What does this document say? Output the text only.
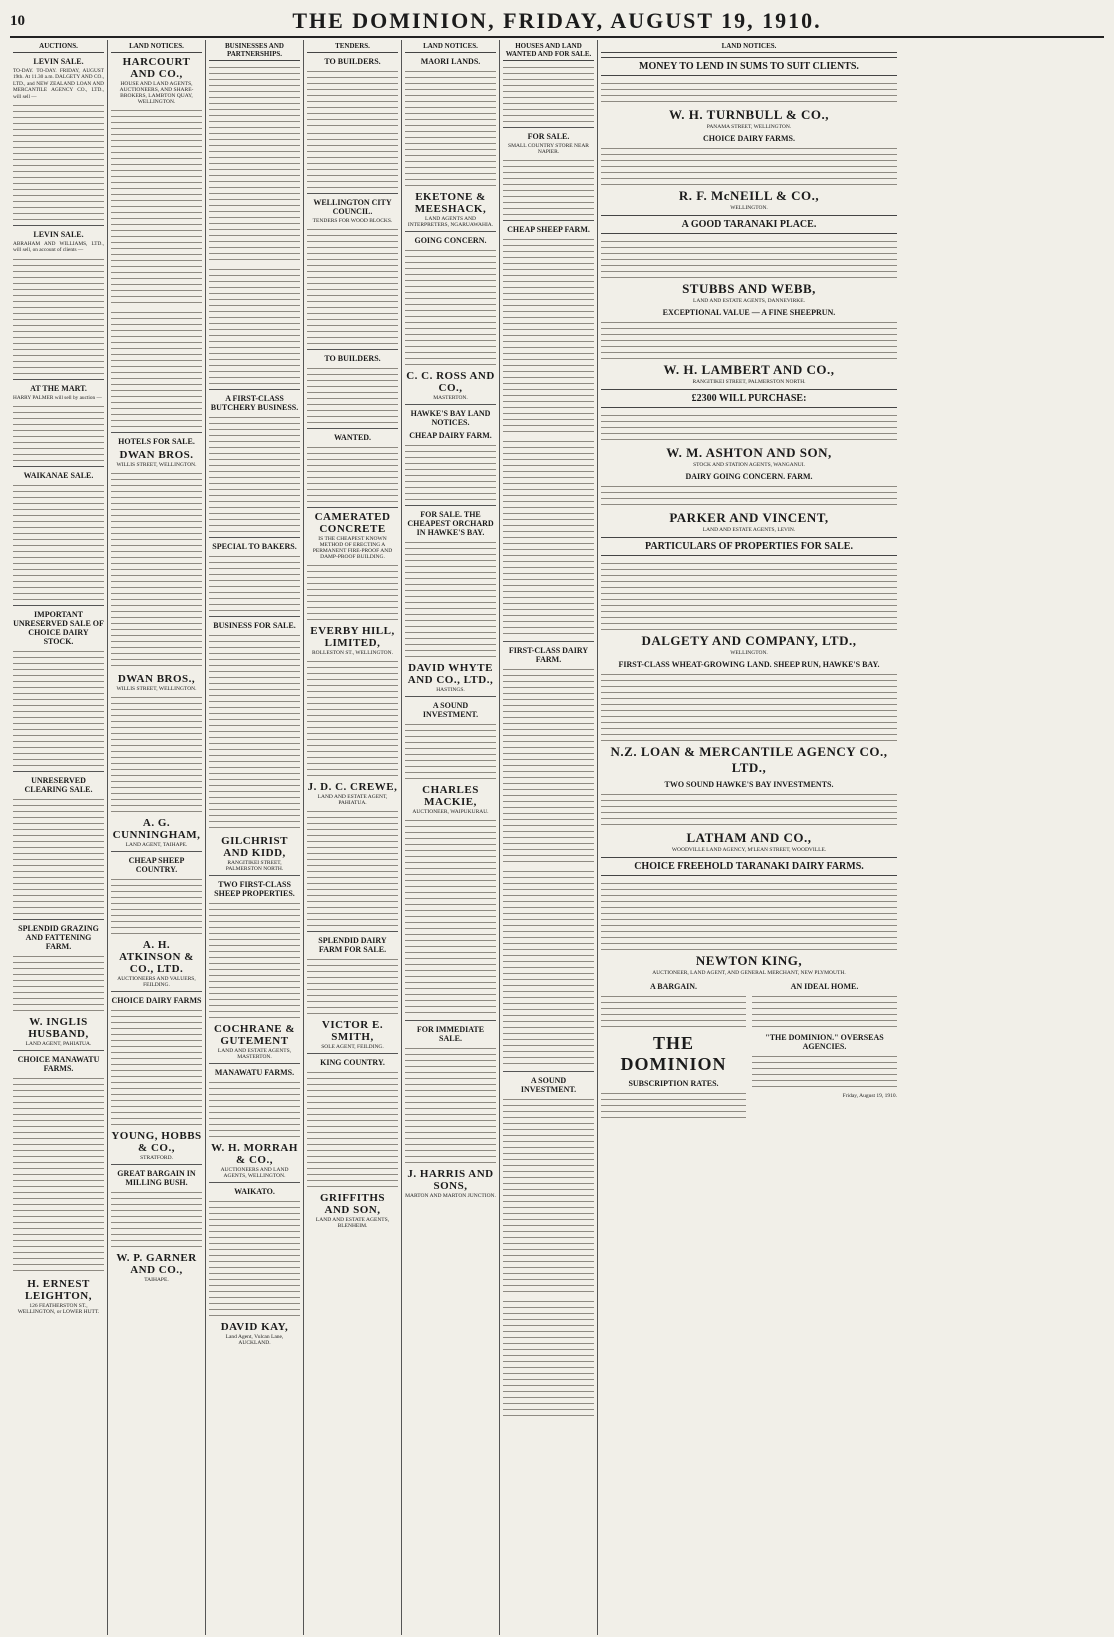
10	THE DOMINION, FRIDAY, AUGUST 19, 1910.
AUCTIONS.
LEVIN SALE.
TO-DAY. TO-DAY. FRIDAY, AUGUST 19th. At 11.30 a.m. DALGETY AND CO., LTD., and NEW ZEALAND LOAN AND MERCANTILE AGENCY CO., LTD., will sell —
LEVIN SALE.
ABRAHAM AND WILLIAMS, LTD., will sell, on account of clients —
AT THE MART.
HARRY PALMER will sell by auction —
WAIKANAE SALE.
IMPORTANT UNRESERVED SALE OF CHOICE DAIRY STOCK.
UNRESERVED CLEARING SALE.
SPLENDID GRAZING AND FATTENING FARM.
W. INGLIS HUSBAND,
LAND AGENT, PAHIATUA.
CHOICE MANAWATU FARMS.
H. ERNEST LEIGHTON,
126 FEATHERSTON ST., WELLINGTON, or LOWER HUTT.
LAND NOTICES.
HARCOURT AND CO.,
HOUSE AND LAND AGENTS, AUCTIONEERS, AND SHARE-BROKERS, LAMBTON QUAY, WELLINGTON.
HOTELS FOR SALE.
DWAN BROS.
WILLIS STREET, WELLINGTON.
DWAN BROS.,
WILLIS STREET, WELLINGTON.
A. G. CUNNINGHAM,
LAND AGENT, TAIHAPE.
CHEAP SHEEP COUNTRY.
A. H. ATKINSON & CO., LTD.
AUCTIONEERS AND VALUERS, FEILDING.
CHOICE DAIRY FARMS
YOUNG, HOBBS & CO.,
STRATFORD.
GREAT BARGAIN IN MILLING BUSH.
W. P. GARNER AND CO.,
TAIHAPE.
BUSINESSES AND PARTNERSHIPS.
A FIRST-CLASS BUTCHERY BUSINESS.
SPECIAL TO BAKERS.
BUSINESS FOR SALE.
GILCHRIST AND KIDD,
RANGITIKEI STREET, PALMERSTON NORTH.
TWO FIRST-CLASS SHEEP PROPERTIES.
COCHRANE & GUTEMENT
LAND AND ESTATE AGENTS, MASTERTON.
MANAWATU FARMS.
W. H. MORRAH & CO.,
AUCTIONEERS AND LAND AGENTS, WELLINGTON.
WAIKATO.
DAVID KAY,
Land Agent, Vulcan Lane, AUCKLAND.
TENDERS.
TO BUILDERS.
WELLINGTON CITY COUNCIL.
TENDERS FOR WOOD BLOCKS.
TO BUILDERS.
WANTED.
CAMERATED CONCRETE
IS THE CHEAPEST KNOWN METHOD OF ERECTING A PERMANENT FIRE-PROOF AND DAMP-PROOF BUILDING.
EVERBY HILL, LIMITED,
ROLLESTON ST., WELLINGTON.
J. D. C. CREWE,
LAND AND ESTATE AGENT, PAHIATUA.
SPLENDID DAIRY FARM FOR SALE.
VICTOR E. SMITH,
SOLE AGENT, FEILDING.
KING COUNTRY.
GRIFFITHS AND SON,
LAND AND ESTATE AGENTS, BLENHEIM.
LAND NOTICES.
MAORI LANDS.
EKETONE & MEESHACK,
LAND AGENTS AND INTERPRETERS, NGARUAWAHIA.
GOING CONCERN.
C. C. ROSS AND CO.,
MASTERTON.
HAWKE'S BAY LAND NOTICES.
CHEAP DAIRY FARM.
FOR SALE. THE CHEAPEST ORCHARD IN HAWKE'S BAY.
DAVID WHYTE AND CO., LTD.,
HASTINGS.
A SOUND INVESTMENT.
CHARLES MACKIE,
AUCTIONEER, WAIPUKURAU.
FOR IMMEDIATE SALE.
J. HARRIS AND SONS,
MARTON AND MARTON JUNCTION.
HOUSES AND LAND WANTED AND FOR SALE.
FOR SALE.
SMALL COUNTRY STORE NEAR NAPIER.
CHEAP SHEEP FARM.
FIRST-CLASS DAIRY FARM.
A SOUND INVESTMENT.
LAND NOTICES.
MONEY TO LEND IN SUMS TO SUIT CLIENTS.
W. H. TURNBULL & CO.,
PANAMA STREET, WELLINGTON.
CHOICE DAIRY FARMS.
R. F. McNEILL & CO.,
WELLINGTON.
A GOOD TARANAKI PLACE.
STUBBS AND WEBB,
LAND AND ESTATE AGENTS, DANNEVIRKE.
EXCEPTIONAL VALUE — A FINE SHEEPRUN.
W. H. LAMBERT AND CO.,
RANGITIKEI STREET, PALMERSTON NORTH.
£2300 WILL PURCHASE:
W. M. ASHTON AND SON,
STOCK AND STATION AGENTS, WANGANUI.
DAIRY GOING CONCERN. FARM.
PARKER AND VINCENT,
LAND AND ESTATE AGENTS, LEVIN.
PARTICULARS OF PROPERTIES FOR SALE.
DALGETY AND COMPANY, LTD.,
WELLINGTON.
FIRST-CLASS WHEAT-GROWING LAND. SHEEP RUN, HAWKE'S BAY.
N.Z. LOAN & MERCANTILE AGENCY CO., LTD.,
TWO SOUND HAWKE'S BAY INVESTMENTS.
LATHAM AND CO.,
WOODVILLE LAND AGENCY, M'LEAN STREET, WOODVILLE.
CHOICE FREEHOLD TARANAKI DAIRY FARMS.
NEWTON KING,
AUCTIONEER, LAND AGENT, AND GENERAL MERCHANT, NEW PLYMOUTH.
A BARGAIN.
THE DOMINION
SUBSCRIPTION RATES.
AN IDEAL HOME.
"THE DOMINION." OVERSEAS AGENCIES.
Friday, August 19, 1910.
